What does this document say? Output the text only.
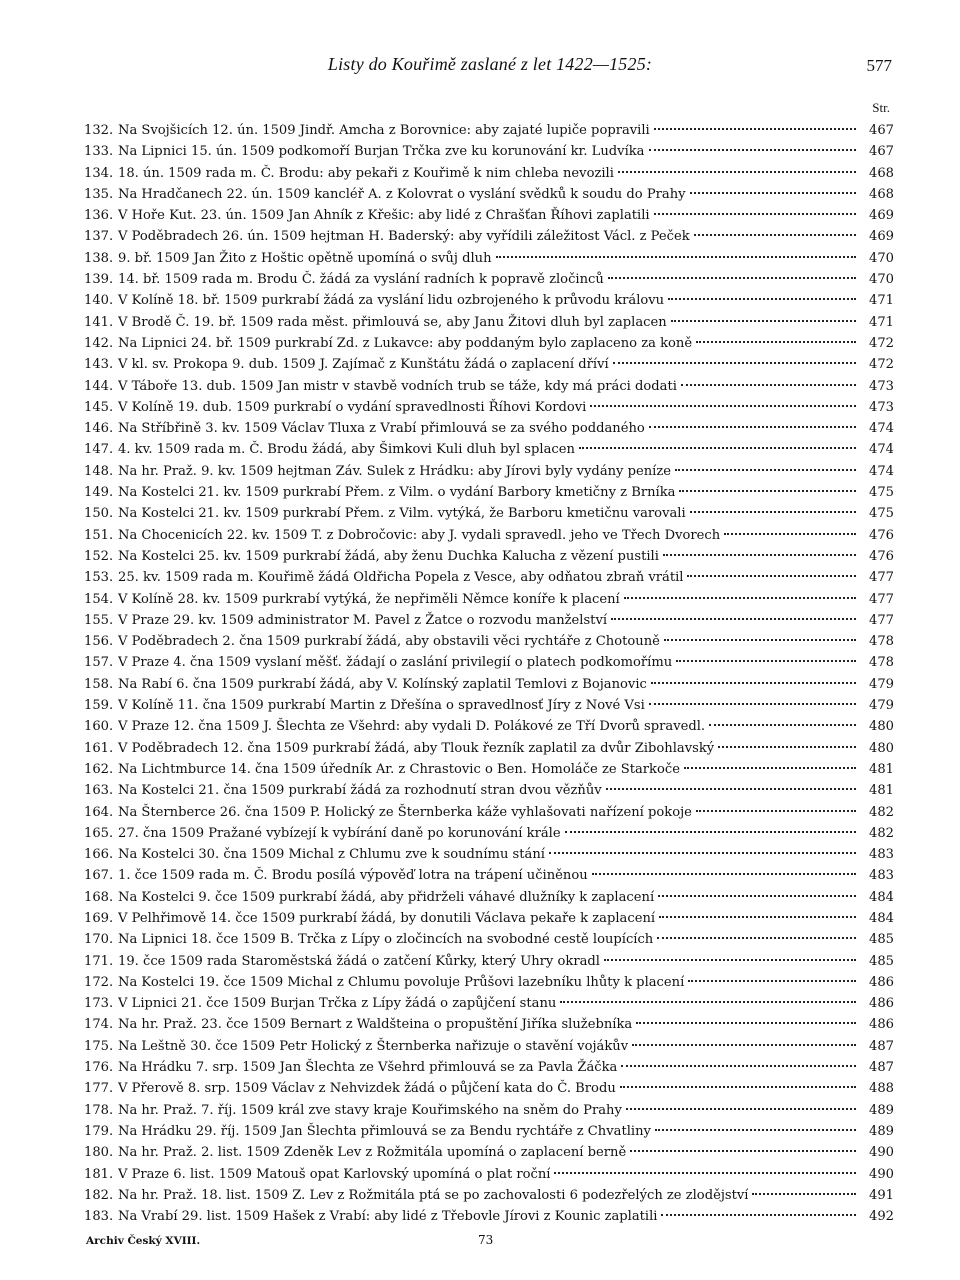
Listy do Kouřimě zaslané z let 1422—1525:	577
Str.
132. Na Svojšicích 12. ún. 1509 Jindř. Amcha z Borovnice: aby zajaté lupiče popravili	467
133. Na Lipnici 15. ún. 1509 podkomoří Burjan Trčka zve ku korunování kr. Ludvíka	467
134. 18. ún. 1509 rada m. Č. Brodu: aby pekaři z Kouřimě k nim chleba nevozili	468
135. Na Hradčanech 22. ún. 1509 kancléř A. z Kolovrat o vyslání svědků k soudu do Prahy	468
136. V Hoře Kut. 23. ún. 1509 Jan Ahník z Křešic: aby lidé z Chrašťan Říhovi zaplatili	469
137. V Poděbradech 26. ún. 1509 hejtman H. Baderský: aby vyřídili záležitost Václ. z Peček	469
138. 9. bř. 1509 Jan Žito z Hoštic opětně upomíná o svůj dluh	470
139. 14. bř. 1509 rada m. Brodu Č. žádá za vyslání radních k popravě zločinců	470
140. V Kolíně 18. bř. 1509 purkrabí žádá za vyslání lidu ozbrojeného k průvodu královu	471
141. V Brodě Č. 19. bř. 1509 rada měst. přimlouvá se, aby Janu Žitovi dluh byl zaplacen	471
142. Na Lipnici 24. bř. 1509 purkrabí Zd. z Lukavce: aby poddaným bylo zaplaceno za koně	472
143. V kl. sv. Prokopa 9. dub. 1509 J. Zajímač z Kunštátu žádá o zaplacení dříví	472
144. V Táboře 13. dub. 1509 Jan mistr v stavbě vodních trub se táže, kdy má práci dodati	473
145. V Kolíně 19. dub. 1509 purkrabí o vydání spravedlnosti Říhovi Kordovi	473
146. Na Stříbřině 3. kv. 1509 Václav Tluxa z Vrabí přimlouvá se za svého poddaného	474
147. 4. kv. 1509 rada m. Č. Brodu žádá, aby Šimkovi Kuli dluh byl splacen	474
148. Na hr. Praž. 9. kv. 1509 hejtman Záv. Sulek z Hrádku: aby Jírovi byly vydány peníze	474
149. Na Kostelci 21. kv. 1509 purkrabí Přem. z Vilm. o vydání Barbory kmetičny z Brníka	475
150. Na Kostelci 21. kv. 1509 purkrabí Přem. z Vilm. vytýká, že Barboru kmetičnu varovali	475
151. Na Chocenicích 22. kv. 1509 T. z Dobročovic: aby J. vydali spravedl. jeho ve Třech Dvorech	476
152. Na Kostelci 25. kv. 1509 purkrabí žádá, aby ženu Duchka Kalucha z vězení pustili	476
153. 25. kv. 1509 rada m. Kouřimě žádá Oldřicha Popela z Vesce, aby odňatou zbraň vrátil	477
154. V Kolíně 28. kv. 1509 purkrabí vytýká, že nepřiměli Němce koníře k placení	477
155. V Praze 29. kv. 1509 administrator M. Pavel z Žatce o rozvodu manželství	477
156. V Poděbradech 2. čna 1509 purkrabí žádá, aby obstavili věci rychtáře z Chotouně	478
157. V Praze 4. čna 1509 vyslaní měšť. žádají o zaslání privilegií o platech podkomořímu	478
158. Na Rabí 6. čna 1509 purkrabí žádá, aby V. Kolínský zaplatil Temlovi z Bojanovic	479
159. V Kolíně 11. čna 1509 purkrabí Martin z Dřešína o spravedlnosť Jíry z Nové Vsi	479
160. V Praze 12. čna 1509 J. Šlechta ze Všehrd: aby vydali D. Polákové ze Tří Dvorů spravedl.	480
161. V Poděbradech 12. čna 1509 purkrabí žádá, aby Tlouk řezník zaplatil za dvůr Zibohlavský	480
162. Na Lichtmburce 14. čna 1509 úředník Ar. z Chrastovic o Ben. Homoláče ze Starkoče	481
163. Na Kostelci 21. čna 1509 purkrabí žádá za rozhodnutí stran dvou vězňův	481
164. Na Šternberce 26. čna 1509 P. Holický ze Šternberka káže vyhlašovati nařízení pokoje	482
165. 27. čna 1509 Pražané vybízejí k vybírání daně po korunování krále	482
166. Na Kostelci 30. čna 1509 Michal z Chlumu zve k soudnímu stání	483
167. 1. čce 1509 rada m. Č. Brodu posílá výpověď lotra na trápení učiněnou	483
168. Na Kostelci 9. čce 1509 purkrabí žádá, aby přidrželi váhavé dlužníky k zaplacení	484
169. V Pelhřimově 14. čce 1509 purkrabí žádá, by donutili Václava pekaře k zaplacení	484
170. Na Lipnici 18. čce 1509 B. Trčka z Lípy o zločincích na svobodné cestě loupících	485
171. 19. čce 1509 rada Staroměstská žádá o zatčení Kůrky, který Uhry okradl	485
172. Na Kostelci 19. čce 1509 Michal z Chlumu povoluje Průšovi lazebníku lhůty k placení	486
173. V Lipnici 21. čce 1509 Burjan Trčka z Lípy žádá o zapůjčení stanu	486
174. Na hr. Praž. 23. čce 1509 Bernart z Waldšteina o propuštění Jiříka služebníka	486
175. Na Leštně 30. čce 1509 Petr Holický z Šternberka nařizuje o stavění vojákův	487
176. Na Hrádku 7. srp. 1509 Jan Šlechta ze Všehrd přimlouvá se za Pavla Žáčka	487
177. V Přerově 8. srp. 1509 Václav z Nehvizdek žádá o půjčení kata do Č. Brodu	488
178. Na hr. Praž. 7. říj. 1509 král zve stavy kraje Kouřimského na sněm do Prahy	489
179. Na Hrádku 29. říj. 1509 Jan Šlechta přimlouvá se za Bendu rychtáře z Chvatliny	489
180. Na hr. Praž. 2. list. 1509 Zdeněk Lev z Rožmitála upomíná o zaplacení berně	490
181. V Praze 6. list. 1509 Matouš opat Karlovský upomíná o plat roční	490
182. Na hr. Praž. 18. list. 1509 Z. Lev z Rožmitála ptá se po zachovalosti 6 podezřelých ze zlodějství	491
183. Na Vrabí 29. list. 1509 Hašek z Vrabí: aby lidé z Třebovle Jírovi z Kounic zaplatili	492
Archiv Český XVIII.	73
